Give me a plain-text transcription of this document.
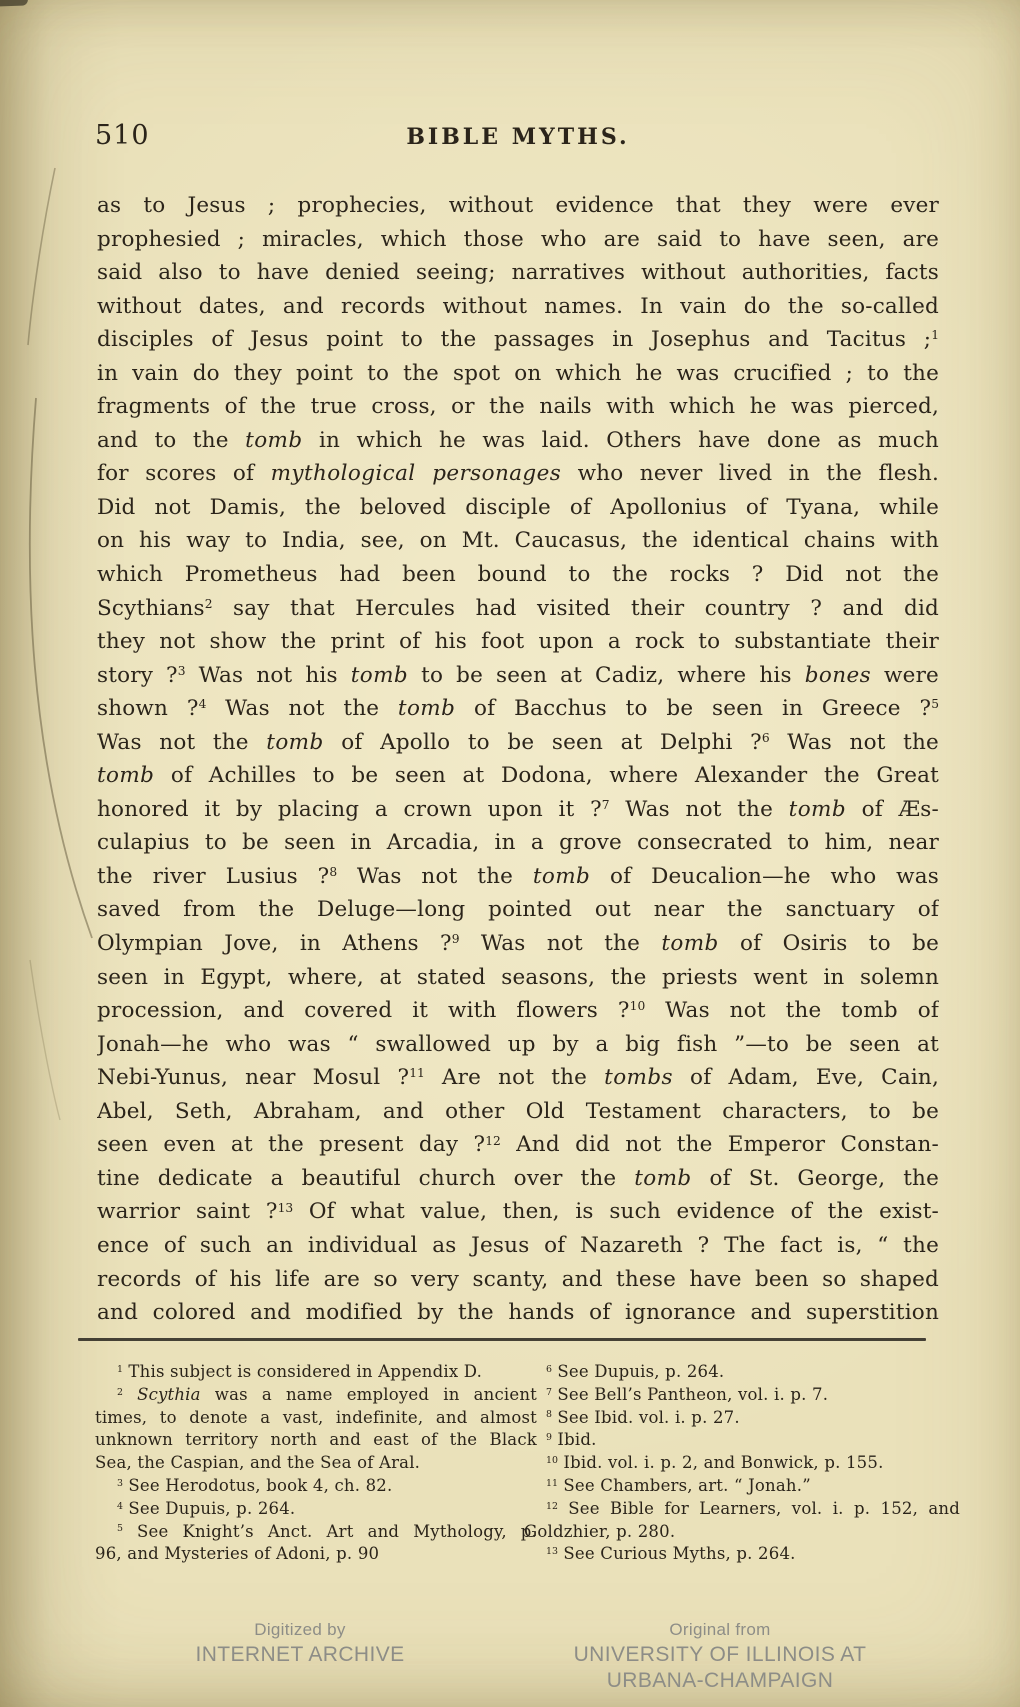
510	BIBLE MYTHS.
as to Jesus ; prophecies, without evidence that they were ever
prophesied ; miracles, which those who are said to have seen, are
said also to have denied seeing; narratives without authorities, facts
without dates, and records without names. In vain do the so-called
disciples of Jesus point to the passages in Josephus and Tacitus ;$^1$
in vain do they point to the spot on which he was crucified ; to the
fragments of the true cross, or the nails with which he was pierced,
and to the tomb in which he was laid. Others have done as much
for scores of mythological personages who never lived in the flesh.
Did not Damis, the beloved disciple of Apollonius of Tyana, while
on his way to India, see, on Mt. Caucasus, the identical chains with
which Prometheus had been bound to the rocks ? Did not the
Scythians$^2$ say that Hercules had visited their country ? and did
they not show the print of his foot upon a rock to substantiate their
story ?$^3$ Was not his tomb to be seen at Cadiz, where his bones were
shown ?$^4$ Was not the tomb of Bacchus to be seen in Greece ?$^5$
Was not the tomb of Apollo to be seen at Delphi ?$^6$ Was not the
tomb of Achilles to be seen at Dodona, where Alexander the Great
honored it by placing a crown upon it ?$^7$ Was not the tomb of Æs-
culapius to be seen in Arcadia, in a grove consecrated to him, near
the river Lusius ?$^8$ Was not the tomb of Deucalion—he who was
saved from the Deluge—long pointed out near the sanctuary of
Olympian Jove, in Athens ?$^9$ Was not the tomb of Osiris to be
seen in Egypt, where, at stated seasons, the priests went in solemn
procession, and covered it with flowers ?$^{10}$ Was not the tomb of
Jonah—he who was “ swallowed up by a big fish ”—to be seen at
Nebi-Yunus, near Mosul ?$^{11}$ Are not the tombs of Adam, Eve, Cain,
Abel, Seth, Abraham, and other Old Testament characters, to be
seen even at the present day ?$^{12}$ And did not the Emperor Constan-
tine dedicate a beautiful church over the tomb of St. George, the
warrior saint ?$^{13}$ Of what value, then, is such evidence of the exist-
ence of such an individual as Jesus of Nazareth ? The fact is, “ the
records of his life are so very scanty, and these have been so shaped
and colored and modified by the hands of ignorance and superstition
$^1$ This subject is considered in Appendix D.
$^2$ Scythia was a name employed in ancient
times, to denote a vast, indefinite, and almost
unknown territory north and east of the Black
Sea, the Caspian, and the Sea of Aral.
$^3$ See Herodotus, book 4, ch. 82.
$^4$ See Dupuis, p. 264.
$^5$ See Knight’s Anct. Art and Mythology, p.
96, and Mysteries of Adoni, p. 90
$^6$ See Dupuis, p. 264.
$^7$ See Bell’s Pantheon, vol. i. p. 7.
$^8$ See Ibid. vol. i. p. 27.
$^9$ Ibid.
$^{10}$ Ibid. vol. i. p. 2, and Bonwick, p. 155.
$^{11}$ See Chambers, art. “ Jonah.”
$^{12}$ See Bible for Learners, vol. i. p. 152, and
Goldzhier, p. 280.
$^{13}$ See Curious Myths, p. 264.
Digitized by
INTERNET ARCHIVE
Original from
UNIVERSITY OF ILLINOIS AT
URBANA-CHAMPAIGN
